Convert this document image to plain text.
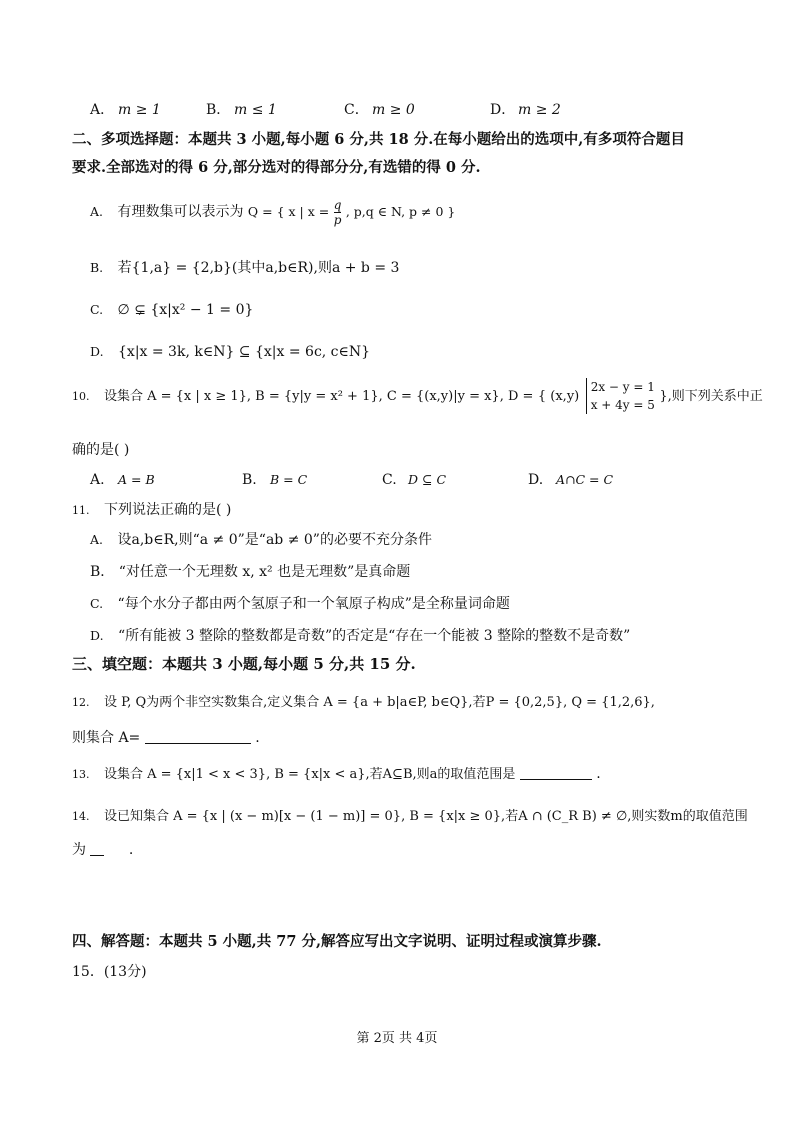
A． m ≥ 1	B． m ≤ 1	C． m ≥ 0	D． m ≥ 2
二、多项选择题：本题共 3 小题,每小题 6 分,共 18 分.在每小题给出的选项中,有多项符合题目
要求.全部选对的得 6 分,部分选对的得部分分,有选错的得 0 分.
A. 有理数集可以表示为 Q = { x | $x = \frac{q}{p}$ , p,q ∈ N, p ≠ 0 }
B. 若{1,a} = {2,b}(其中a,b∈R),则a + b = 3
C. ∅ ⊊ {x|x² − 1 = 0}
D. {x|x = 3k, k∈N} ⊆ {x|x = 6c, c∈N}
10. 设集合 A = {x | x ≥ 1}, B = {y|y = x² + 1}, C = {(x,y)|y = x}, D = { (x,y)
2x − y = 1
x + 4y = 5
},则下列关系中正
确的是( )
A. A = B	B. B = C	C. D ⊆ C	D. A∩C = C
11. 下列说法正确的是( )
A. 设a,b∈R,则“a ≠ 0”是“ab ≠ 0”的必要不充分条件
B． “对任意一个无理数 x, x² 也是无理数”是真命题
C. “每个水分子都由两个氢原子和一个氧原子构成”是全称量词命题
D. “所有能被 3 整除的整数都是奇数”的否定是“存在一个能被 3 整除的整数不是奇数”
三、填空题：本题共 3 小题,每小题 5 分,共 15 分.
12. 设 P, Q为两个非空实数集合,定义集合 A = {a + b|a∈P, b∈Q},若P = {0,2,5}, Q = {1,2,6},
则集合 A=	.
13. 设集合 A = {x|1 < x < 3}, B = {x|x < a},若A⊆B,则a的取值范围是	.
14. 设已知集合 A = {x | (x − m)[x − (1 − m)] = 0}, B = {x|x ≥ 0},若A ∩ (C_R B) ≠ ∅,则实数m的取值范围
为	.
四、解答题：本题共 5 小题,共 77 分,解答应写出文字说明、证明过程或演算步骤.
15．(13分)
第 2页 共 4页
